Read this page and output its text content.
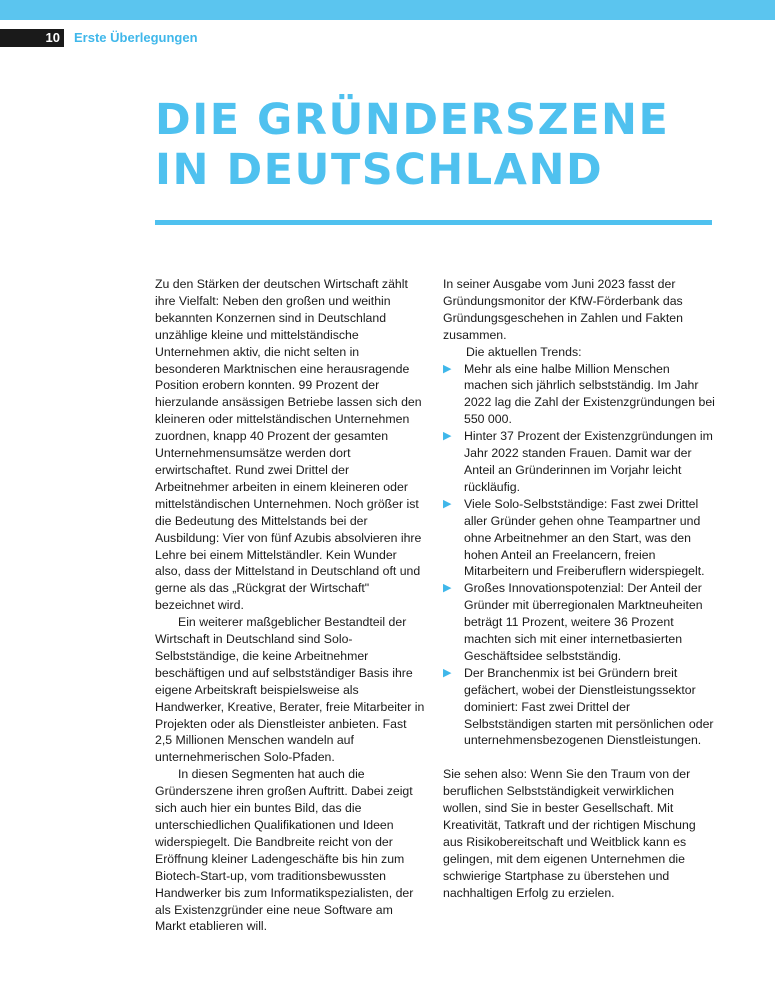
10	Erste Überlegungen
DIE GRÜNDERSZENE IN DEUTSCHLAND

Zu den Stärken der deutschen Wirtschaft zählt ihre Vielfalt: Neben den großen und weithin bekannten Konzernen sind in Deutschland unzählige kleine und mittelständische Unternehmen aktiv, die nicht selten in besonderen Marktnischen eine herausragende Position erobern konnten. 99 Prozent der hierzulande ansässigen Betriebe lassen sich den kleineren oder mittelständischen Unternehmen zuordnen, knapp 40 Prozent der gesamten Unternehmensumsätze werden dort erwirtschaftet. Rund zwei Drittel der Arbeitnehmer arbeiten in einem kleineren oder mittelständischen Unternehmen. Noch größer ist die Bedeutung des Mittelstands bei der Ausbildung: Vier von fünf Azubis absolvieren ihre Lehre bei einem Mittelständler. Kein Wunder also, dass der Mittelstand in Deutschland oft und gerne als das „Rückgrat der Wirtschaft" bezeichnet wird.

Ein weiterer maßgeblicher Bestandteil der Wirtschaft in Deutschland sind Solo-Selbstständige, die keine Arbeitnehmer beschäftigen und auf selbstständiger Basis ihre eigene Arbeitskraft beispielsweise als Handwerker, Kreative, Berater, freie Mitarbeiter in Projekten oder als Dienstleister anbieten. Fast 2,5 Millionen Menschen wandeln auf unternehmerischen Solo-Pfaden.

In diesen Segmenten hat auch die Gründerszene ihren großen Auftritt. Dabei zeigt sich auch hier ein buntes Bild, das die unterschiedlichen Qualifikationen und Ideen widerspiegelt. Die Bandbreite reicht von der Eröffnung kleiner Ladengeschäfte bis hin zum Biotech-Start-up, vom traditionsbewussten Handwerker bis zum Informatikspezialisten, der als Existenzgründer eine neue Software am Markt etablieren will.

In seiner Ausgabe vom Juni 2023 fasst der Gründungsmonitor der KfW-Förderbank das Gründungsgeschehen in Zahlen und Fakten zusammen.

Die aktuellen Trends:

▶ Mehr als eine halbe Million Menschen machen sich jährlich selbstständig. Im Jahr 2022 lag die Zahl der Existenzgründungen bei 550 000.
▶ Hinter 37 Prozent der Existenzgründungen im Jahr 2022 standen Frauen. Damit war der Anteil an Gründerinnen im Vorjahr leicht rückläufig.
▶ Viele Solo-Selbstständige: Fast zwei Drittel aller Gründer gehen ohne Teampartner und ohne Arbeitnehmer an den Start, was den hohen Anteil an Freelancern, freien Mitarbeitern und Freiberuflern widerspiegelt.
▶ Großes Innovationspotenzial: Der Anteil der Gründer mit überregionalen Marktneuheiten beträgt 11 Prozent, weitere 36 Prozent machten sich mit einer internetbasierten Geschäftsidee selbstständig.
▶ Der Branchenmix ist bei Gründern breit gefächert, wobei der Dienstleistungssektor dominiert: Fast zwei Drittel der Selbstständigen starten mit persönlichen oder unternehmensbezogenen Dienstleistungen.

Sie sehen also: Wenn Sie den Traum von der beruflichen Selbstständigkeit verwirklichen wollen, sind Sie in bester Gesellschaft. Mit Kreativität, Tatkraft und der richtigen Mischung aus Risikobereitschaft und Weitblick kann es gelingen, mit dem eigenen Unternehmen die schwierige Startphase zu überstehen und nachhaltigen Erfolg zu erzielen.
